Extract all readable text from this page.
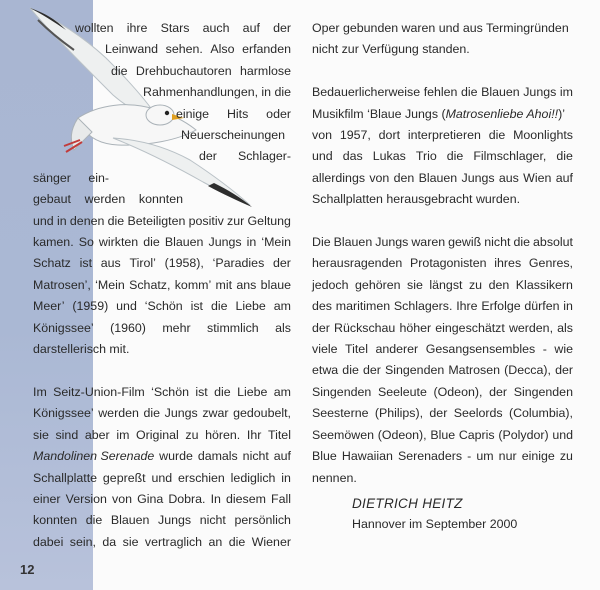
wollten ihre Stars auch auf der
Leinwand sehen. Also erfanden
die Drehbuchautoren harmlose
Rahmenhandlungen, in die
einige Hits oder
Neuerscheinungen
der Schlager-
sänger ein-
gebaut werden konnten
und in denen die Beteiligten positiv zur Geltung
kamen. So wirkten die Blauen Jungs in ‘Mein
Schatz ist aus Tirol’ (1958), ‘Paradies der
Matrosen’, ‘Mein Schatz, komm’ mit ans blaue
Meer’ (1959) und ‘Schön ist die Liebe am
Königssee’ (1960) mehr stimmlich als
darstellerisch mit.
Im Seitz-Union-Film ‘Schön ist die Liebe am
Königssee’ werden die Jungs zwar gedoubelt,
sie sind aber im Original zu hören. Ihr Titel
Mandolinen Serenade wurde damals nicht auf
Schallplatte gepreßt und erschien lediglich in
einer Version von Gina Dobra. In diesem Fall
konnten die Blauen Jungs nicht persönlich
dabei sein, da sie vertraglich an die Wiener
Oper gebunden waren und aus Termingründen
nicht zur Verfügung standen.
Bedauerlicherweise fehlen die Blauen Jungs im
Musikfilm ‘Blaue Jungs (Matrosenliebe Ahoi!!)’
von 1957, dort interpretieren die Moonlights
und das Lukas Trio die Filmschlager, die
allerdings von den Blauen Jungs aus Wien auf
Schallplatten herausgebracht wurden.
Die Blauen Jungs waren gewiß nicht die absolut
herausragenden Protagonisten ihres Genres,
jedoch gehören sie längst zu den Klassikern
des maritimen Schlagers. Ihre Erfolge dürfen in
der Rückschau höher eingeschätzt werden, als
viele Titel anderer Gesangsensembles - wie
etwa die der Singenden Matrosen (Decca), der
Singenden Seeleute (Odeon), der Singenden
Seesterne (Philips), der Seelords (Columbia),
Seemöwen (Odeon), Blue Capris (Polydor) und
Blue Hawaiian Serenaders - um nur einige zu
nennen.
DIETRICH HEITZ
Hannover im September 2000
12
